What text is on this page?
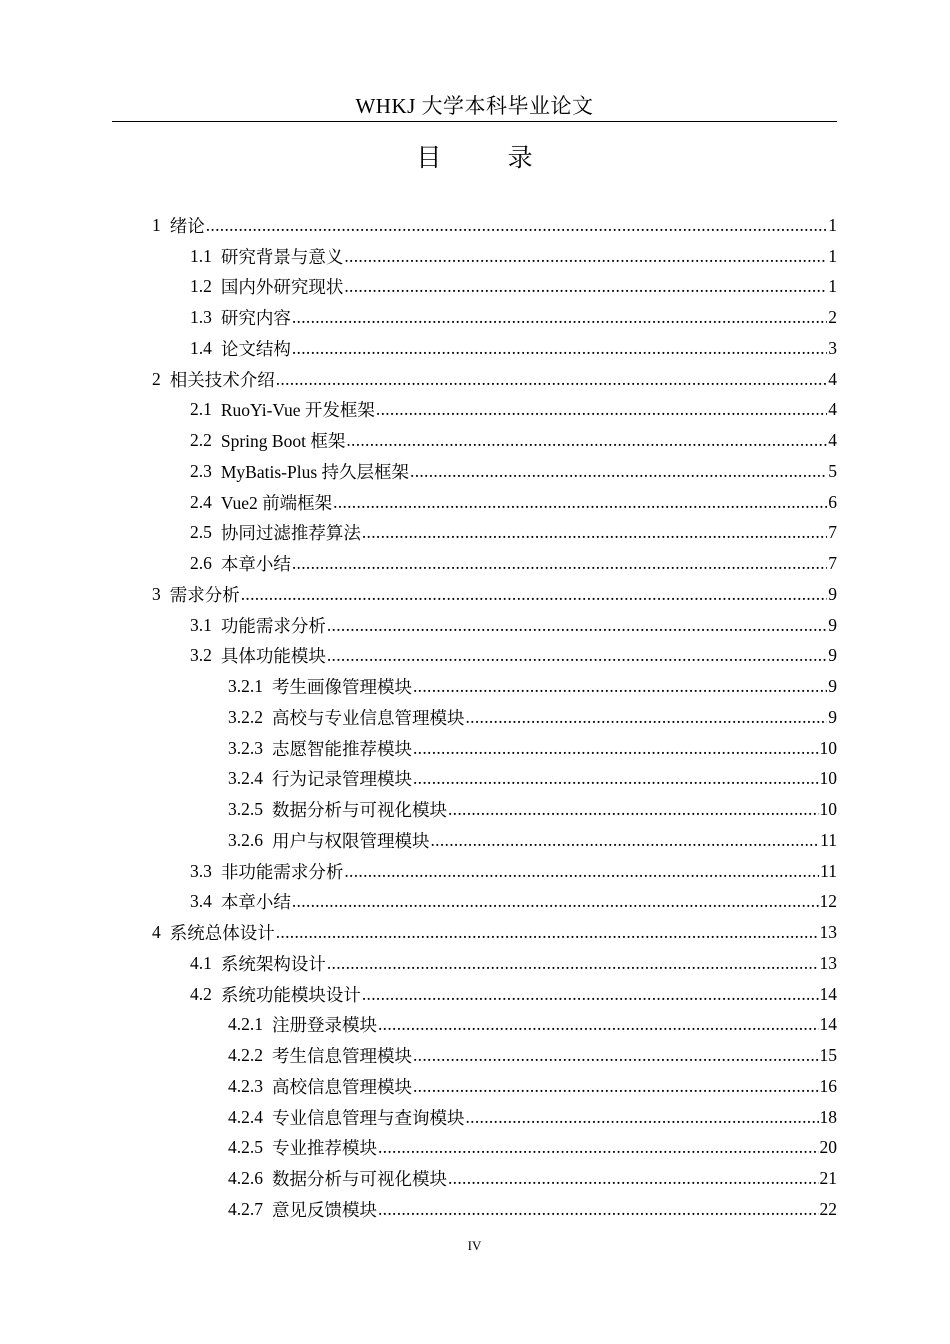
WHKJ 大学本科毕业论文
目 录
1 绪论 .....	1
1.1 研究背景与意义 .....	1
1.2 国内外研究现状 .....	1
1.3 研究内容 .....	2
1.4 论文结构 .....	3
2 相关技术介绍 .....	4
2.1 RuoYi-Vue 开发框架 .....	4
2.2 Spring Boot 框架 .....	4
2.3 MyBatis-Plus 持久层框架 .....	5
2.4 Vue2 前端框架 .....	6
2.5 协同过滤推荐算法 .....	7
2.6 本章小结 .....	7
3 需求分析 .....	9
3.1 功能需求分析 .....	9
3.2 具体功能模块 .....	9
3.2.1 考生画像管理模块 .....	9
3.2.2 高校与专业信息管理模块 .....	9
3.2.3 志愿智能推荐模块 .....	10
3.2.4 行为记录管理模块 .....	10
3.2.5 数据分析与可视化模块 .....	10
3.2.6 用户与权限管理模块 .....	11
3.3 非功能需求分析 .....	11
3.4 本章小结 .....	12
4 系统总体设计 .....	13
4.1 系统架构设计 .....	13
4.2 系统功能模块设计 .....	14
4.2.1 注册登录模块 .....	14
4.2.2 考生信息管理模块 .....	15
4.2.3 高校信息管理模块 .....	16
4.2.4 专业信息管理与查询模块 .....	18
4.2.5 专业推荐模块 .....	20
4.2.6 数据分析与可视化模块 .....	21
4.2.7 意见反馈模块 .....	22
IV
